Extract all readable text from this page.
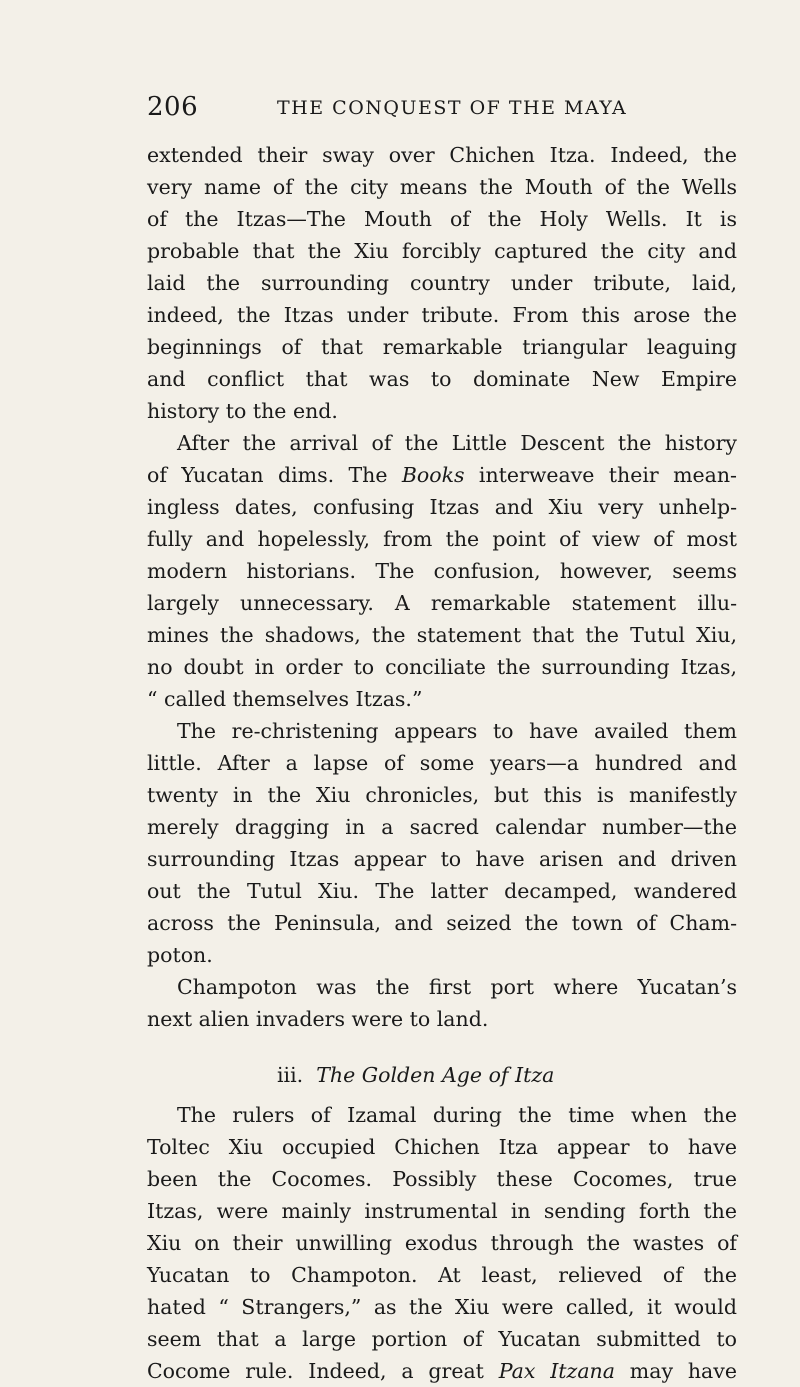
206	THE CONQUEST OF THE MAYA
extended their sway over Chichen Itza. Indeed, the
very name of the city means the Mouth of the Wells
of the Itzas—The Mouth of the Holy Wells. It is
probable that the Xiu forcibly captured the city and
laid the surrounding country under tribute, laid,
indeed, the Itzas under tribute. From this arose the
beginnings of that remarkable triangular leaguing
and conflict that was to dominate New Empire
history to the end.
After the arrival of the Little Descent the history
of Yucatan dims. The Books interweave their mean-
ingless dates, confusing Itzas and Xiu very unhelp-
fully and hopelessly, from the point of view of most
modern historians. The confusion, however, seems
largely unnecessary. A remarkable statement illu-
mines the shadows, the statement that the Tutul Xiu,
no doubt in order to conciliate the surrounding Itzas,
“ called themselves Itzas.”
The re-christening appears to have availed them
little. After a lapse of some years—a hundred and
twenty in the Xiu chronicles, but this is manifestly
merely dragging in a sacred calendar number—the
surrounding Itzas appear to have arisen and driven
out the Tutul Xiu. The latter decamped, wandered
across the Peninsula, and seized the town of Cham-
poton.
Champoton was the first port where Yucatan’s
next alien invaders were to land.
iii. The Golden Age of Itza
The rulers of Izamal during the time when the
Toltec Xiu occupied Chichen Itza appear to have
been the Cocomes. Possibly these Cocomes, true
Itzas, were mainly instrumental in sending forth the
Xiu on their unwilling exodus through the wastes of
Yucatan to Champoton. At least, relieved of the
hated “ Strangers,” as the Xiu were called, it would
seem that a large portion of Yucatan submitted to
Cocome rule. Indeed, a great Pax Itzana may have
